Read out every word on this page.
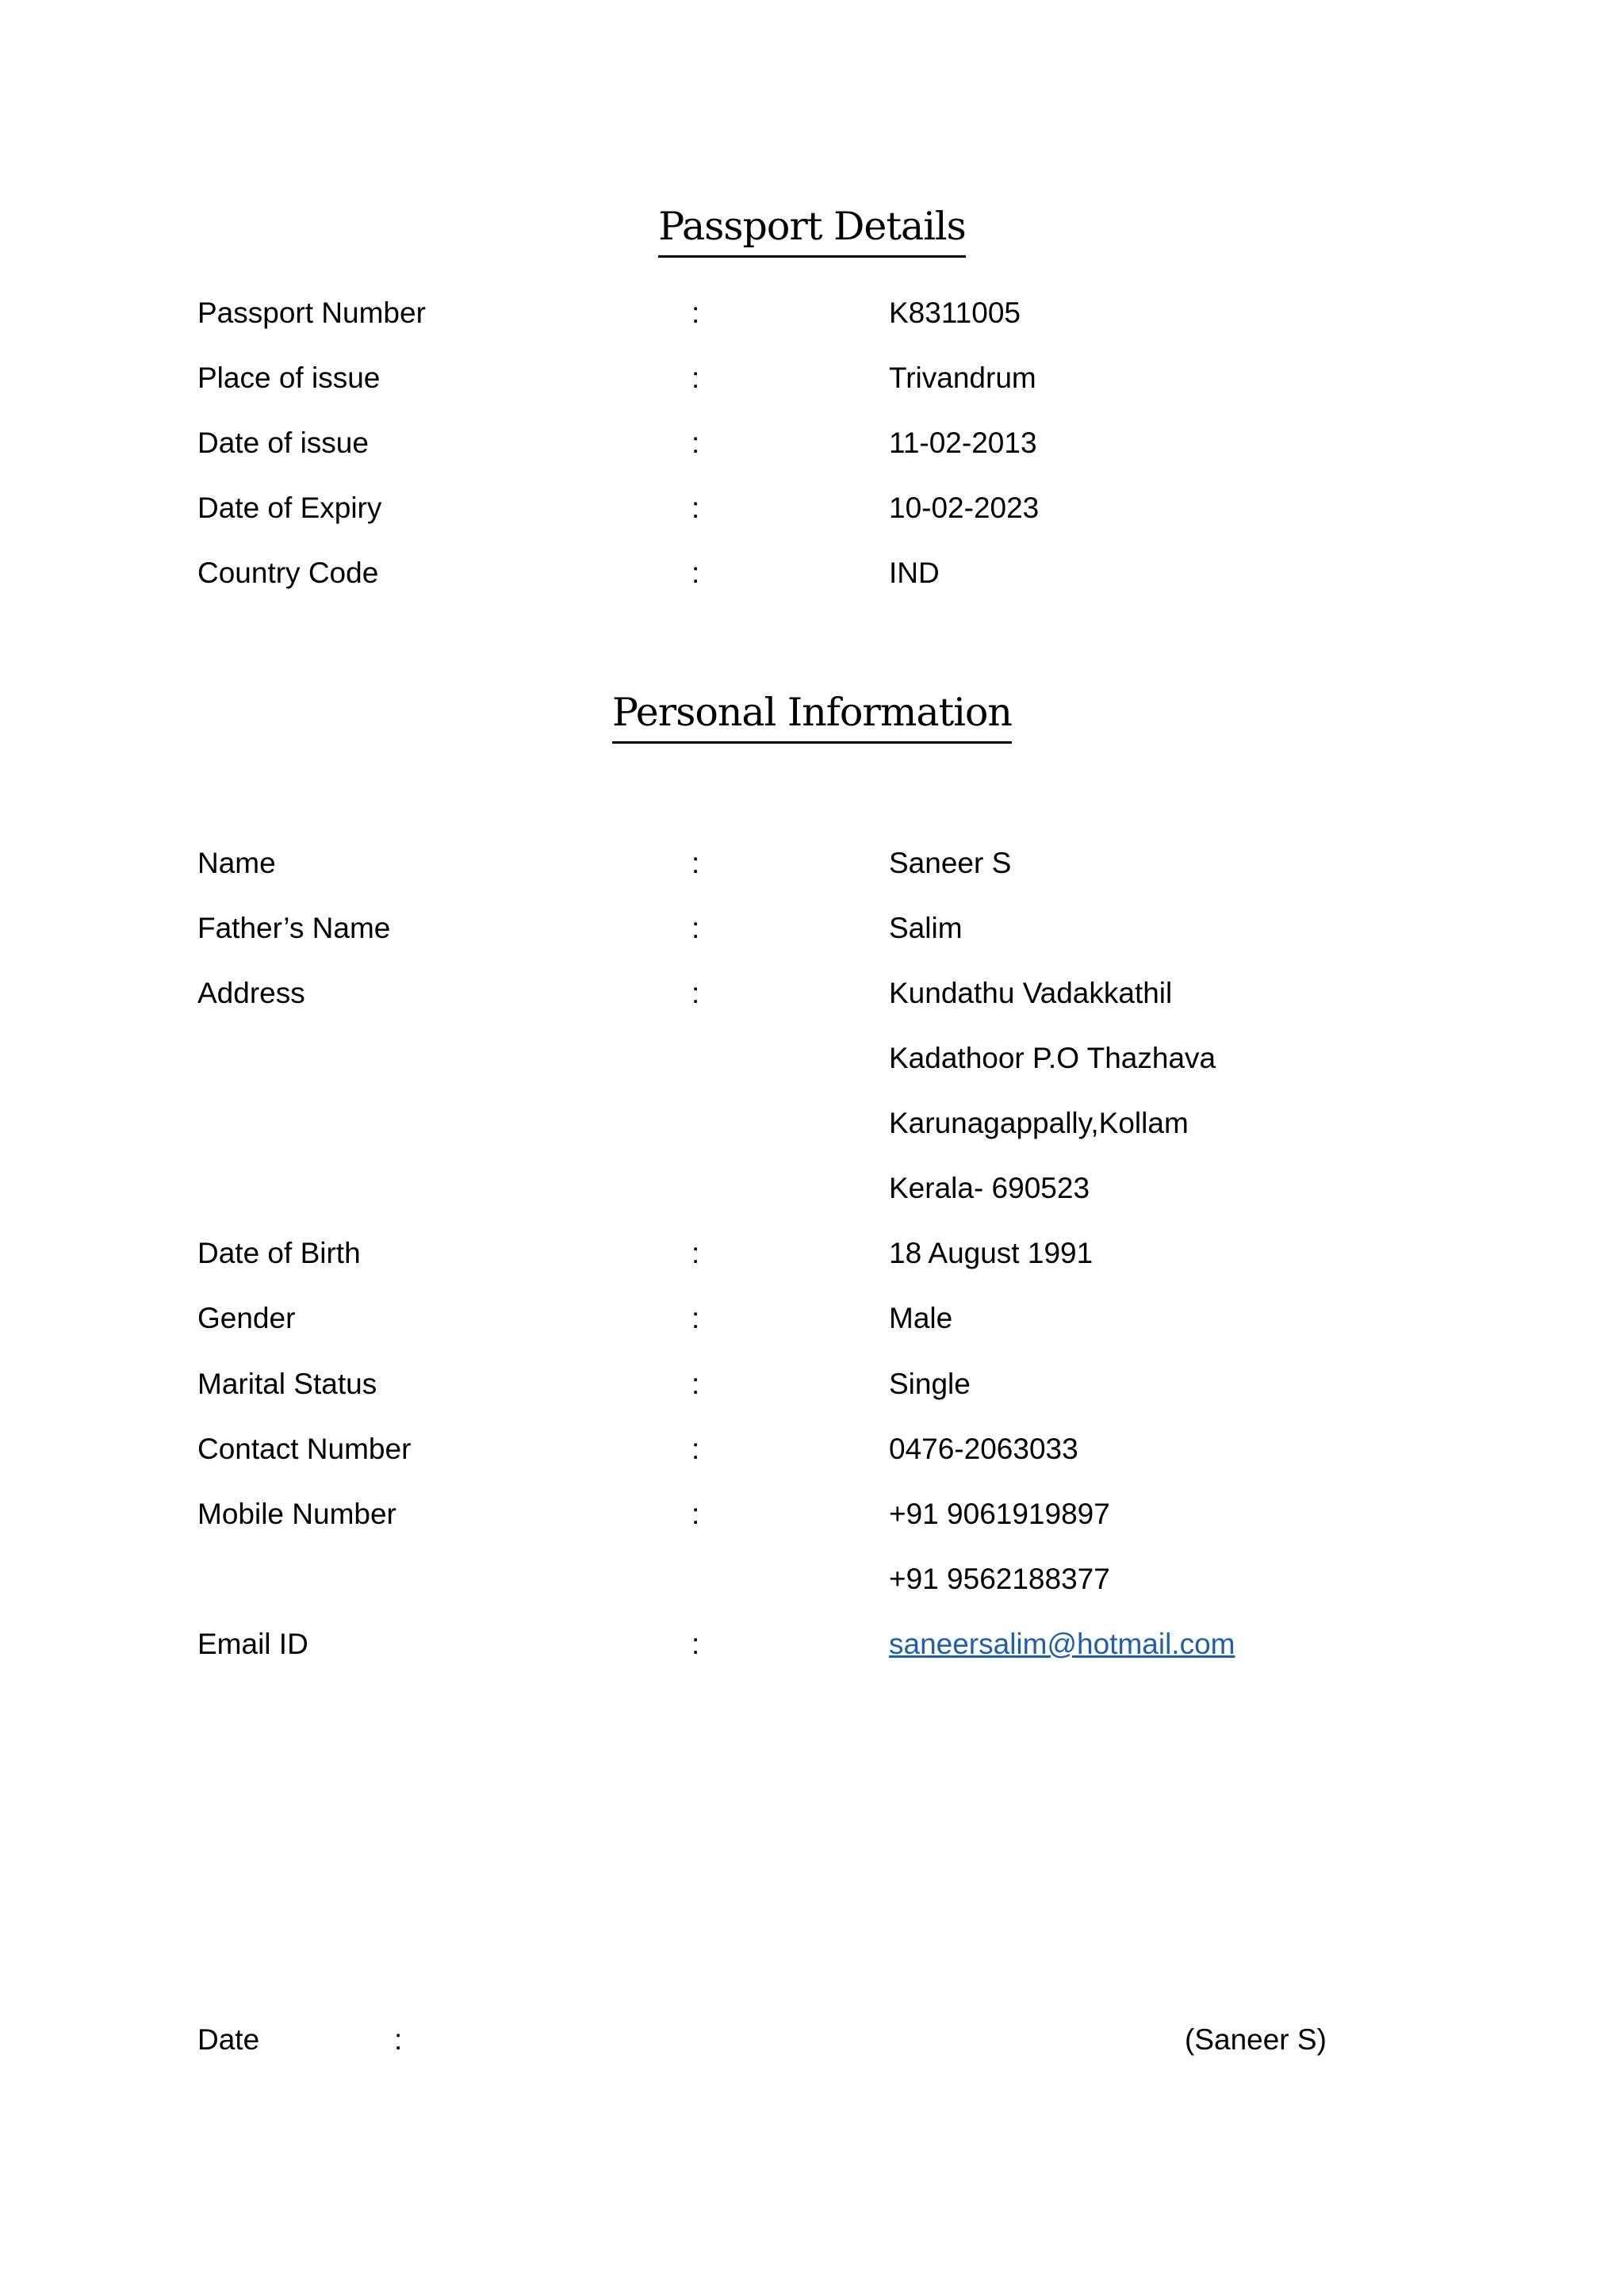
Passport Details
Passport Number	:	K8311005
Place of issue	:	Trivandrum
Date of issue	:	11-02-2013
Date of Expiry	:	10-02-2023
Country Code	:	IND
Personal Information
Name	:	Saneer S
Father’s Name	:	Salim
Address	:	Kundathu Vadakkathil
Kadathoor P.O Thazhava
Karunagappally,Kollam
Kerala- 690523
Date of Birth	:	18 August 1991
Gender	:	Male
Marital Status	:	Single
Contact Number	:	0476-2063033
Mobile Number	:	+91 9061919897
+91 9562188377
Email ID	:	saneersalim@hotmail.com
Date	:	(Saneer S)
